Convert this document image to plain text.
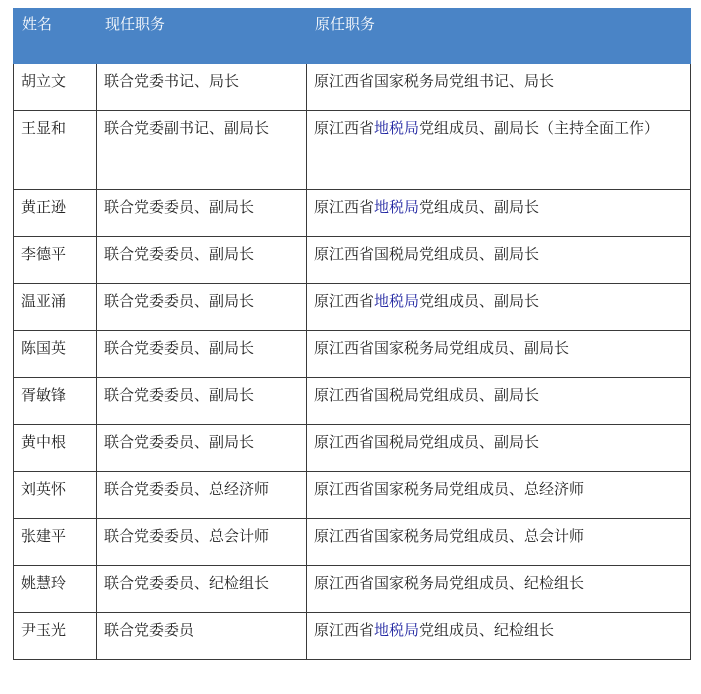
姓名	现任职务	原任职务
胡立文	联合党委书记、局长	原江西省国家税务局党组书记、局长
王显和	联合党委副书记、副局长	原江西省地税局党组成员、副局长（主持全面工作）
黄正逊	联合党委委员、副局长	原江西省地税局党组成员、副局长
李德平	联合党委委员、副局长	原江西省国税局党组成员、副局长
温亚涌	联合党委委员、副局长	原江西省地税局党组成员、副局长
陈国英	联合党委委员、副局长	原江西省国家税务局党组成员、副局长
胥敏锋	联合党委委员、副局长	原江西省国税局党组成员、副局长
黄中根	联合党委委员、副局长	原江西省国税局党组成员、副局长
刘英怀	联合党委委员、总经济师	原江西省国家税务局党组成员、总经济师
张建平	联合党委委员、总会计师	原江西省国家税务局党组成员、总会计师
姚慧玲	联合党委委员、纪检组长	原江西省国家税务局党组成员、纪检组长
尹玉光	联合党委委员	原江西省地税局党组成员、纪检组长
